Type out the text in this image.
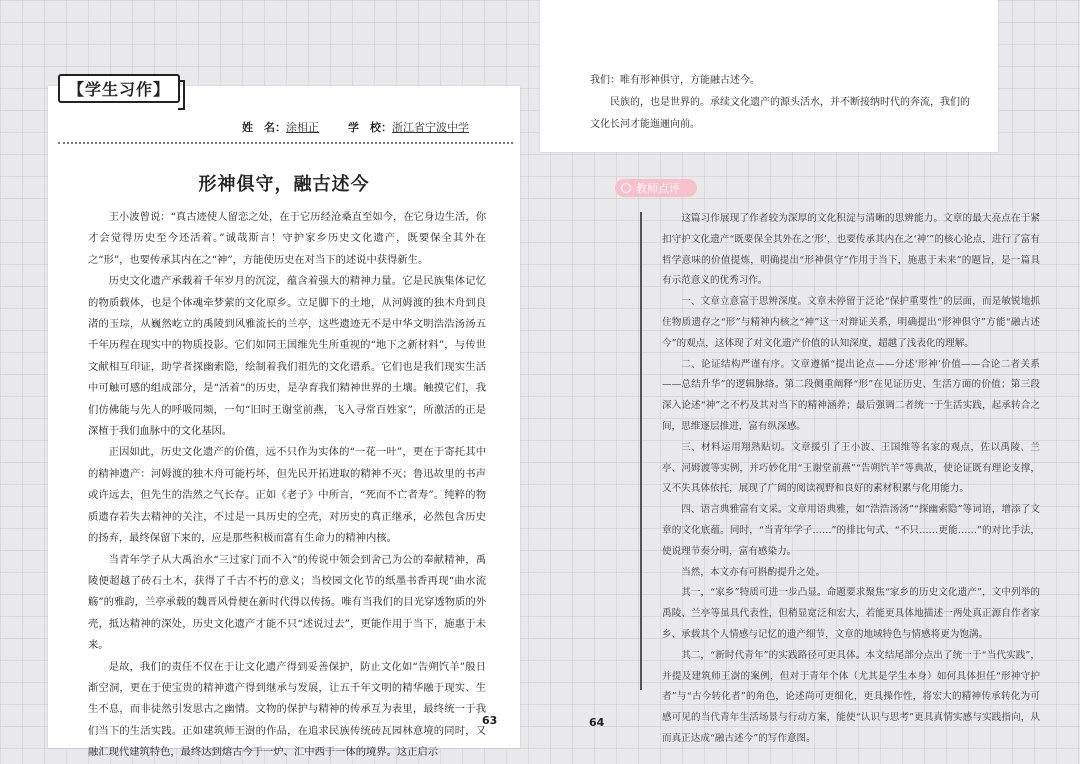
【学生习作】
姓　名：涂相正	学　校：浙江省宁波中学
形神俱守，融古述今

王小波曾说：“真古迹使人留恋之处，在于它历经沧桑直至如今，在它身边生活，你才会觉得历史至今还活着。”诚哉斯言！守护家乡历史文化遗产，既要保全其外在之“形”，也要传承其内在之“神”，方能使历史在对当下的述说中获得新生。

历史文化遗产承载着千年岁月的沉淀，蕴含着强大的精神力量。它是民族集体记忆的物质载体，也是个体魂牵梦萦的文化原乡。立足脚下的土地，从河姆渡的独木舟到良渚的玉琮，从巍然屹立的禹陵到风雅流长的兰亭，这些遗迹无不是中华文明浩浩汤汤五千年历程在现实中的物质投影。它们如同王国维先生所重视的“地下之新材料”，与传世文献相互印证，助学者探幽索隐，绘制着我们祖先的文化谱系。它们也是我们现实生活中可触可感的组成部分，是“活着”的历史，是孕育我们精神世界的土壤。触摸它们，我们仿佛能与先人的呼吸同频，一句“旧时王谢堂前燕，飞入寻常百姓家”，所激活的正是深植于我们血脉中的文化基因。

正因如此，历史文化遗产的价值，远不只作为实体的“一花一叶”，更在于寄托其中的精神遗产：河姆渡的独木舟可能朽坏，但先民开拓进取的精神不灭；鲁迅故里的书声或许远去，但先生的浩然之气长存。正如《老子》中所言，“死而不亡者寿”。纯粹的物质遗存若失去精神的关注，不过是一具历史的空壳，对历史的真正继承，必然包含历史的扬弃，最终保留下来的，应是那些积极而富有生命力的精神内核。

当青年学子从大禹治水“三过家门而不入”的传说中领会到舍己为公的奉献精神，禹陵便超越了砖石土木，获得了千古不朽的意义；当校园文化节的纸墨书香再现“曲水流觞”的雅韵，兰亭承载的魏晋风骨便在新时代得以传扬。唯有当我们的目光穿透物质的外壳，抵达精神的深处，历史文化遗产才能不只“述说过去”，更能作用于当下，施惠于未来。

是故，我们的责任不仅在于让文化遗产得到妥善保护，防止文化如“告朔饩羊”般日渐空洞，更在于使宝贵的精神遗产得到继承与发展，让五千年文明的精华融于现实、生生不息，而非徒然引发思古之幽情。文物的保护与精神的传承互为表里，最终统一于我们当下的生活实践。正如建筑师王澍的作品，在追求民族传统砖瓦园林意境的同时，又融汇现代建筑特色，最终达到熔古今于一炉、汇中西于一体的境界。这正启示

63

我们：唯有形神俱守，方能融古述今。

民族的，也是世界的。承续文化遗产的源头活水，并不断接纳时代的奔流，我们的文化长河才能迤逦向前。

教师点评

这篇习作展现了作者较为深厚的文化积淀与清晰的思辨能力。文章的最大亮点在于紧扣守护文化遗产“既要保全其外在之‘形’，也要传承其内在之‘神’”的核心论点，进行了富有哲学意味的价值提炼，明确提出“形神俱守”作用于当下，施惠于未来”的题旨，是一篇具有示范意义的优秀习作。

一、文章立意富于思辨深度。文章未停留于泛论“保护重要性”的层面，而是敏锐地抓住物质遗存之“形”与精神内核之“神”这一对辩证关系，明确提出“形神俱守”方能“融古述今”的观点，这体现了对文化遗产价值的认知深度，超越了浅表化的理解。

二、论证结构严谨有序。文章遵循“提出论点——分述‘形神’价值——合论二者关系——总结升华”的逻辑脉络。第二段侧重阐释“形”在见证历史、生活方面的价值；第三段深入论述“神”之不朽及其对当下的精神涵养；最后强调二者统一于生活实践，起承转合之间，思维逐层推进，富有纵深感。

三、材料运用翔熟贴切。文章援引了王小波、王国维等名家的观点，佐以禹陵、兰亭、河姆渡等实例，并巧妙化用“王谢堂前燕”“告朔饩羊”等典故，使论证既有理论支撑，又不失具体依托，展现了广阔的阅读视野和良好的素材积累与化用能力。

四、语言典雅富有文采。文章用语典雅，如“浩浩汤汤”“探幽索隐”等词语，增添了文章的文化底蕴。同时，“当青年学子……”的排比句式、“不只……更能……”的对比手法，使说理节奏分明，富有感染力。

当然，本文亦有可斟酌提升之处。

其一，“家乡”特质可进一步凸显。命题要求聚焦“家乡的历史文化遗产”，文中列举的禹陵、兰亭等虽具代表性，但稍显宽泛和宏大，若能更具体地描述一两处真正源自作者家乡、承载其个人情感与记忆的遗产细节，文章的地域特色与情感将更为饱满。

其二，“新时代青年”的实践路径可更具体。本文结尾部分点出了统一于“当代实践”，并提及建筑师王澍的案例，但对于青年个体（尤其是学生本身）如何具体担任“形神守护者”与“古今转化者”的角色，论述尚可更细化，更具操作性，将宏大的精神传承转化为可感可见的当代青年生活场景与行动方案，能使“认识与思考”更具真情实感与实践指向，从而真正达成“融古述今”的写作意图。

64
